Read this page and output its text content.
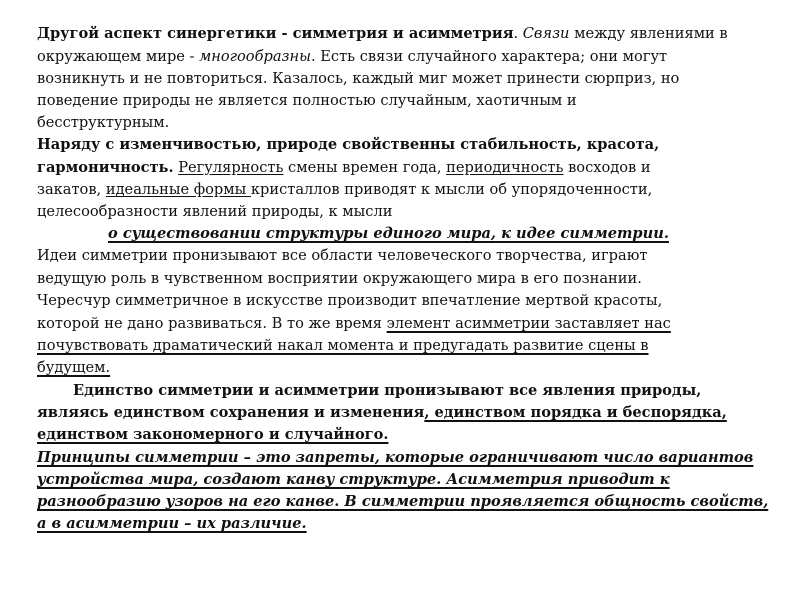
Другой аспект синергетики - симметрия и асимметрия. Связи между явлениями в
окружающем мире - многообразны. Есть связи случайного характера; они могут
возникнуть и не повториться. Казалось, каждый миг может принести сюрприз, но
поведение природы не является полностью случайным, хаотичным и
бесструктурным.
Наряду с изменчивостью, природе свойственны стабильность, красота,
гармоничность. Регулярность смены времен года, периодичность восходов и
закатов, идеальные формы кристаллов приводят к мысли об упорядоченности,
целесообразности явлений природы, к мысли
о существовании структуры единого мира, к идее симметрии.
Идеи симметрии пронизывают все области человеческого творчества, играют
ведущую роль в чувственном восприятии окружающего мира в его познании.
Чересчур симметричное в искусстве производит впечатление мертвой красоты,
которой не дано развиваться. В то же время элемент асимметрии заставляет нас
почувствовать драматический накал момента и предугадать развитие сцены в
будущем.
Единство симметрии и асимметрии пронизывают все явления природы,
являясь единством сохранения и изменения, единством порядка и беспорядка,
единством закономерного и случайного.
Принципы симметрии – это запреты, которые ограничивают число вариантов
устройства мира, создают канву структуре. Асимметрия приводит к
разнообразию узоров на его канве. В симметрии проявляется общность свойств,
а в асимметрии – их различие.
